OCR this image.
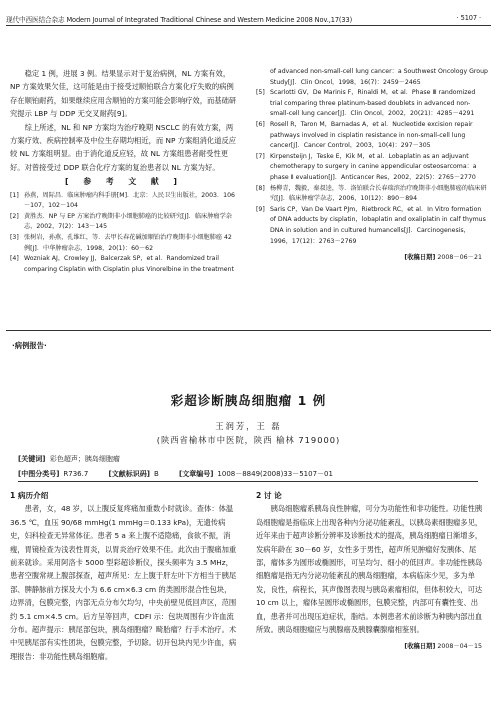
现代中西医结合杂志 Modern Journal of Integrated Traditional Chinese and Western Medicine 2008 Nov.,17(33)	· 5107 ·

稳定 1 例，进展 3 例。结果显示对于复治病例，NL 方案有效，NP 方案效果欠佳，这可能是由于接受过顺铂联合方案化疗失败的病例存在顺铂耐药，如果继续应用含顺铂的方案可能会影响疗效，而基础研究提示 LBP 与 DDP 无交叉耐药[9]。

综上所述，NL 和 NP 方案均为治疗晚期 NSCLC 的有效方案，两方案疗效、疾病控制率及中位生存期均相近，而 NP 方案组消化道反应较 NL 方案组明显。由于消化道反应轻，故 NL 方案组患者耐受性更好。对曾接受过 DDP 联合化疗方案的复治患者以 NL 方案为好。

[ 参 考 文 献 ]
[1] 孙燕，周际昌．临床肿瘤内科手册[M]．北京：人民卫生出版社，2003．106－107，102－104
[2] 黄胜杰．NP 与 EP 方案治疗晚期非小细胞肺癌的比较研究[J]．临床肿瘤学杂志，2002，7(2)：143－145
[3] 张树岩，孙燕，孔维红，等．去甲长春花碱加顺铂治疗晚期非小细胞肺癌 42 例[J]．中华肿瘤杂志，1998，20(1)：60－62
[4] Wozniak AJ，Crowley JJ，Balcerzak SP，et al．Randomized trail comparing Cisplatin with Cisplatin plus Vinorelbine in the treatment
of advanced non-small-cell lung cancer：a Southwest Oncology Group Study[J]．Clin Oncol，1998，16(7)：2459－2465
[5] Scarlotti GV，De Marinis F，Rinaldi M，et al．Phase Ⅲ randomized trial comparing three platinum-based doublets in advanced non-small-cell lung cancer[J]．Clin Oncol，2002，20(21)：4285－4291
[6] Rosell R，Taron M，Barnadas A，et al．Nucleotide excision repair pathways involved in cisplatin resistance in non-small-cell lung cancer[J]．Cancer Control，2003，10(4)：297－305
[7] Kirpensteijn J，Teske E，Kik M，et al．Lobaplatin as an adjuvant chemotherapy to surgery in canine appendicular osteosarcoma：a phase Ⅱ evaluation[J]．Anticancer Res，2002，22(5)：2765－2770
[8] 杨柳青，魏毅，秦叔逵，等．洛铂联合长春瑞滨治疗晚期非小细胞肺癌的临床研究[J]．临床肿瘤学杂志，2006，10(12)：890－894
[9] Saris CP，Van De Vaart PJm，Rietbrock RC，et al．In Vitro formation of DNA adducts by cisplatin，lobaplatin and oxaliplatin in calf thymus DNA in solution and in cultured humancells[J]．Carcinogenesis，1996，17(12)：2763－2769
[收稿日期] 2008－06－21
·病例报告·
彩超诊断胰岛细胞瘤 1 例
王润芳，王 磊
(陕西省榆林市中医院，陕西 榆林 719000)
[关键词] 彩色超声；胰岛细胞瘤
[中图分类号] R736.7	[文献标识码] B	[文章编号] 1008－8849(2008)33－5107－01

1 病历介绍

患者，女，48 岁，以上腹反复疼痛加重数小时就诊。查体：体温 36.5 ℃，血压 90/68 mmHg(1 mmHg＝0.133 kPa)，无遗传病史，妇科检查无异常体征。患者 5 a 来上腹不适隐痛，食欲不振，消瘦，胃镜检查为浅表性胃炎，以胃炎治疗效果不佳。此次由于腹痛加重前来就诊。采用阿洛卡 5000 型彩超诊断仪，探头频率为 3.5 MHz，患者空腹常规上腹部探查，超声所见：左上腹于肝左叶下方相当于胰尾部、脾静脉前方探及大小为 6.6 cm×6.3 cm 的类圆形混合性包块，边界清，包膜完整，内部无点分布欠均匀，中央前壁见低回声区，范围约 5.1 cm×4.5 cm。后方呈等回声，CDFI 示：包块周围有少许血流分布。超声提示：胰尾部包块，胰岛细胞瘤？畸胎瘤？行手术治疗。术中见胰尾部有实性团块，包膜完整，予切除。切开包块内见少许血，病理报告：非功能性胰岛细胞瘤。

2 讨 论

胰岛细胞瘤系胰岛良性肿瘤，可分为功能性和非功能性。功能性胰岛细胞瘤是指临床上出现各种内分泌功能紊乱，以胰岛素细胞瘤多见，近年来由于超声诊断分辨率及诊断技术的提高，胰岛细胞瘤日渐增多，发病年龄在 30－60 岁，女性多于男性，超声所见肿瘤好发胰体、尾部，瘤体多为圆形或椭圆形，可呈均匀、细小的低回声。非功能性胰岛细胞瘤是指无内分泌功能紊乱的胰岛细胞瘤，本病临床少见，多为单发，良性，病程长，其声像图表现与胰岛素瘤相似，但体积较大，可达 10 cm 以上，瘤体呈圆形或椭圆形，包膜完整，内部可有囊性变、出血，患者并可出现压迫症状，脂结。本例患者术前诊断为种胰内部出血所致。胰岛细胞瘤应与胰腺癌及胰腺囊腺瘤相鉴别。

[收稿日期] 2008－04－15
